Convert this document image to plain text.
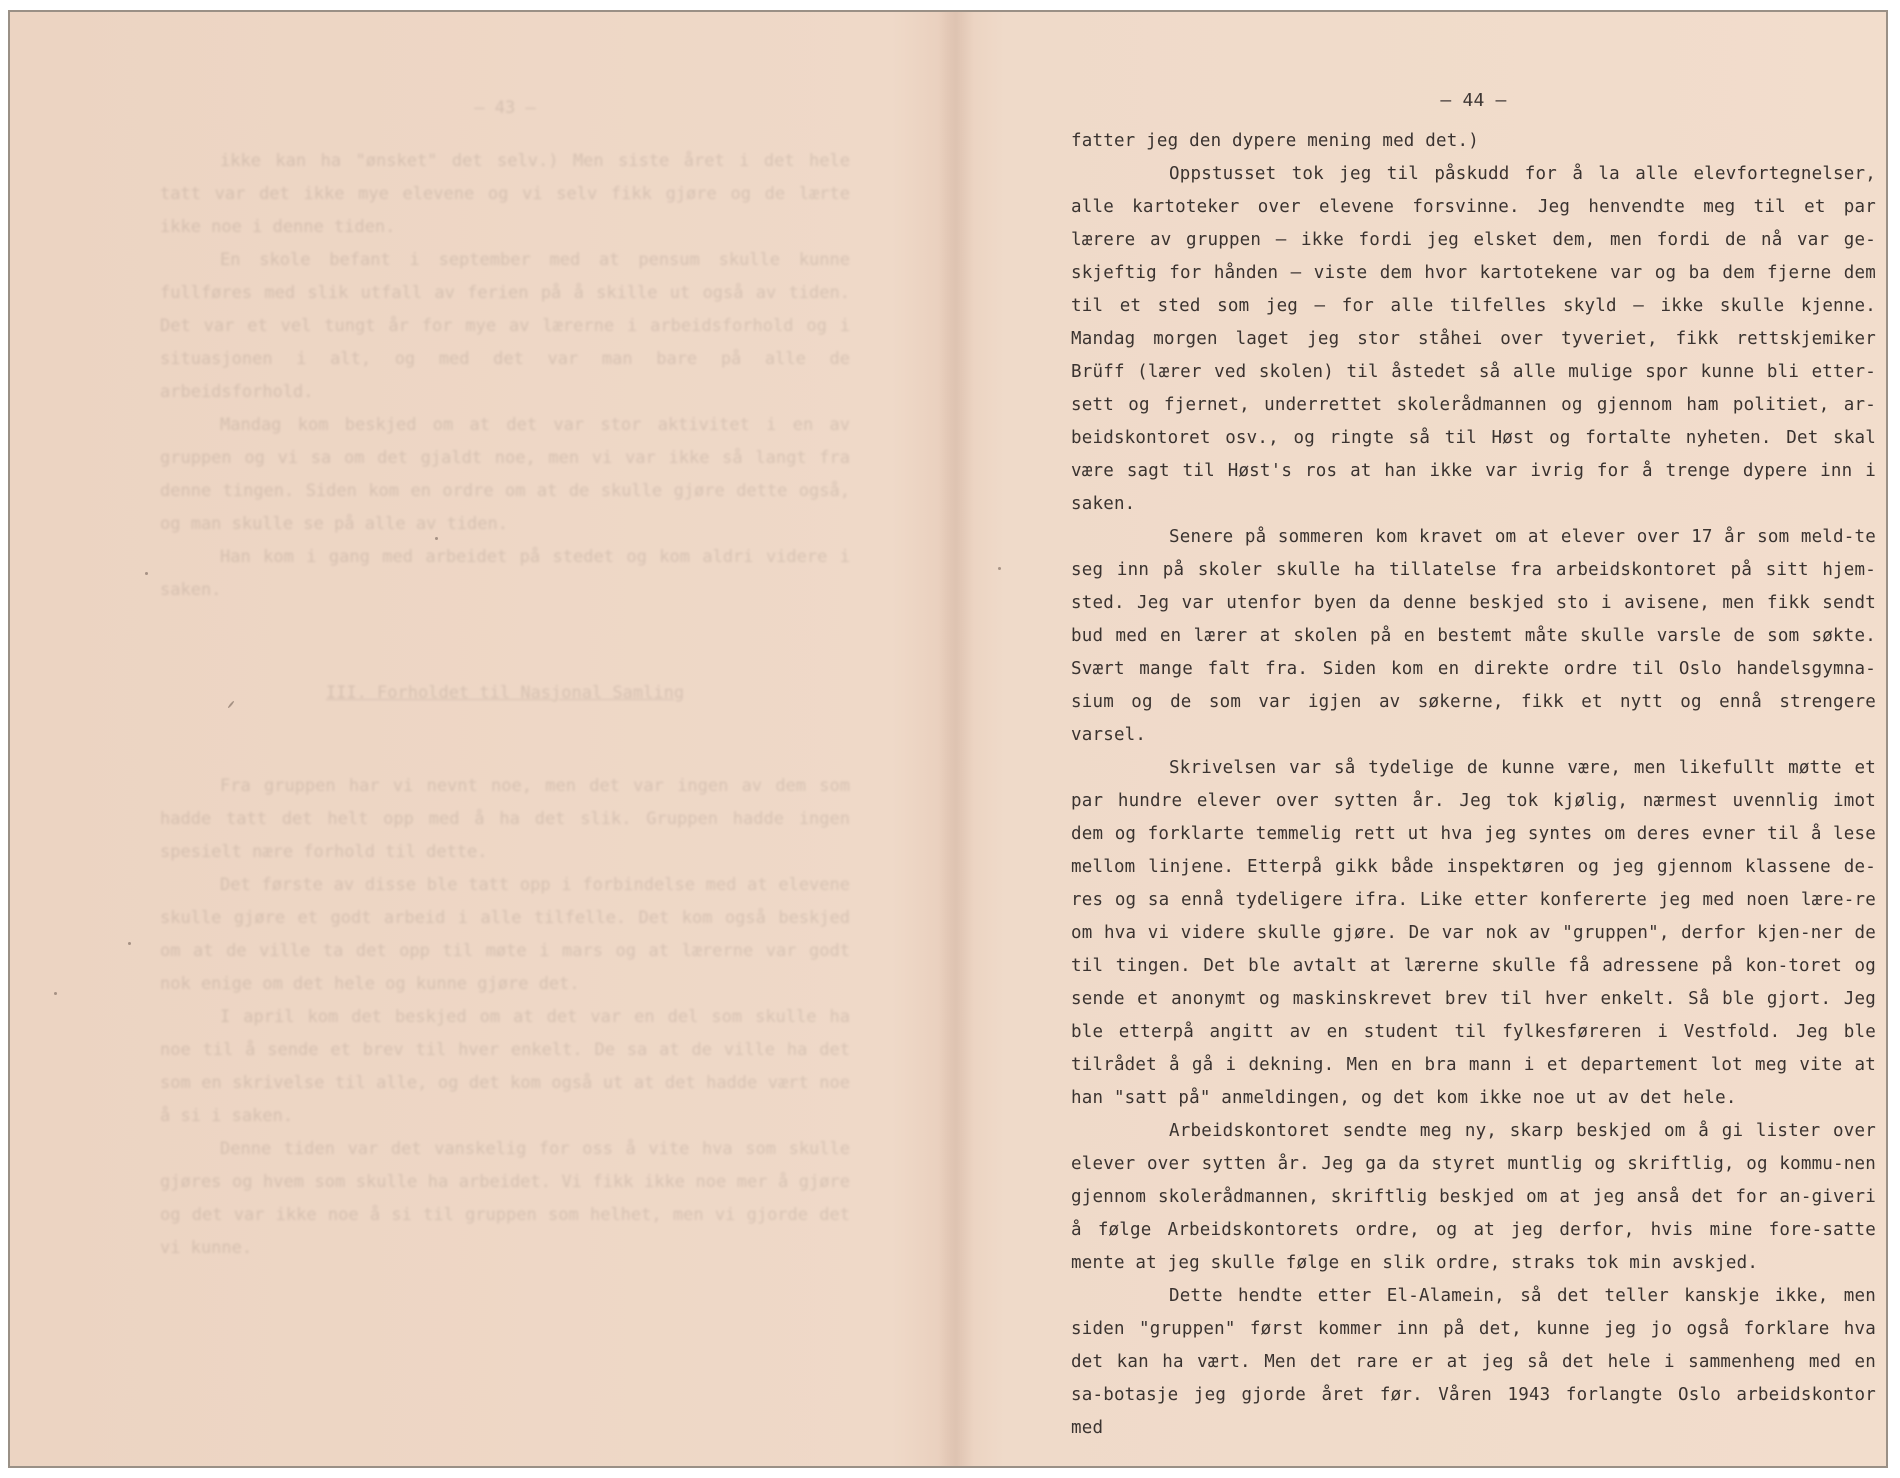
– 43 –

ikke kan ha "ønsket" det selv.) Men siste året i det hele tatt var det ikke mye elevene og vi selv fikk gjøre og de lærte ikke noe i denne tiden.

En skole befant i september med at pensum skulle kunne fullføres med slik utfall av ferien på å skille ut også av tiden. Det var et vel tungt år for mye av lærerne i arbeidsforhold og i situasjonen i alt, og med det var man bare på alle de arbeidsforhold.

Mandag kom beskjed om at det var stor aktivitet i en av gruppen og vi sa om det gjaldt noe, men vi var ikke så langt fra denne tingen. Siden kom en ordre om at de skulle gjøre dette også, og man skulle se på alle av tiden.

Han kom i gang med arbeidet på stedet og kom aldri videre i saken.

III. Forholdet til Nasjonal Samling

Fra gruppen har vi nevnt noe, men det var ingen av dem som hadde tatt det helt opp med å ha det slik. Gruppen hadde ingen spesielt nære forhold til dette.

Det første av disse ble tatt opp i forbindelse med at elevene skulle gjøre et godt arbeid i alle tilfelle. Det kom også beskjed om at de ville ta det opp til møte i mars og at lærerne var godt nok enige om det hele og kunne gjøre det.

I april kom det beskjed om at det var en del som skulle ha noe til å sende et brev til hver enkelt. De sa at de ville ha det som en skrivelse til alle, og det kom også ut at det hadde vært noe å si i saken.

Denne tiden var det vanskelig for oss å vite hva som skulle gjøres og hvem som skulle ha arbeidet. Vi fikk ikke noe mer å gjøre og det var ikke noe å si til gruppen som helhet, men vi gjorde det vi kunne.

– 44 –

fatter jeg den dypere mening med det.)

Oppstusset tok jeg til påskudd for å la alle elevfortegnelser, alle kartoteker over elevene forsvinne. Jeg henvendte meg til et par lærere av gruppen – ikke fordi jeg elsket dem, men fordi de nå var ge-skjeftig for hånden – viste dem hvor kartotekene var og ba dem fjerne dem til et sted som jeg – for alle tilfelles skyld – ikke skulle kjenne. Mandag morgen laget jeg stor ståhei over tyveriet, fikk rettskjemiker Brüff (lærer ved skolen) til åstedet så alle mulige spor kunne bli etter-sett og fjernet, underrettet skolerådmannen og gjennom ham politiet, ar-beidskontoret osv., og ringte så til Høst og fortalte nyheten. Det skal være sagt til Høst's ros at han ikke var ivrig for å trenge dypere inn i saken.

Senere på sommeren kom kravet om at elever over 17 år som meld-te seg inn på skoler skulle ha tillatelse fra arbeidskontoret på sitt hjem-sted. Jeg var utenfor byen da denne beskjed sto i avisene, men fikk sendt bud med en lærer at skolen på en bestemt måte skulle varsle de som søkte. Svært mange falt fra. Siden kom en direkte ordre til Oslo handelsgymna-sium og de som var igjen av søkerne, fikk et nytt og ennå strengere varsel.

Skrivelsen var så tydelige de kunne være, men likefullt møtte et par hundre elever over sytten år. Jeg tok kjølig, nærmest uvennlig imot dem og forklarte temmelig rett ut hva jeg syntes om deres evner til å lese mellom linjene. Etterpå gikk både inspektøren og jeg gjennom klassene de-res og sa ennå tydeligere ifra. Like etter konfererte jeg med noen lære-re om hva vi videre skulle gjøre. De var nok av "gruppen", derfor kjen-ner de til tingen. Det ble avtalt at lærerne skulle få adressene på kon-toret og sende et anonymt og maskinskrevet brev til hver enkelt. Så ble gjort. Jeg ble etterpå angitt av en student til fylkesføreren i Vestfold. Jeg ble tilrådet å gå i dekning. Men en bra mann i et departement lot meg vite at han "satt på" anmeldingen, og det kom ikke noe ut av det hele.

Arbeidskontoret sendte meg ny, skarp beskjed om å gi lister over elever over sytten år. Jeg ga da styret muntlig og skriftlig, og kommu-nen gjennom skolerådmannen, skriftlig beskjed om at jeg anså det for an-giveri å følge Arbeidskontorets ordre, og at jeg derfor, hvis mine fore-satte mente at jeg skulle følge en slik ordre, straks tok min avskjed.

Dette hendte etter El-Alamein, så det teller kanskje ikke, men siden "gruppen" først kommer inn på det, kunne jeg jo også forklare hva det kan ha vært. Men det rare er at jeg så det hele i sammenheng med en sa-botasje jeg gjorde året før. Våren 1943 forlangte Oslo arbeidskontor med
